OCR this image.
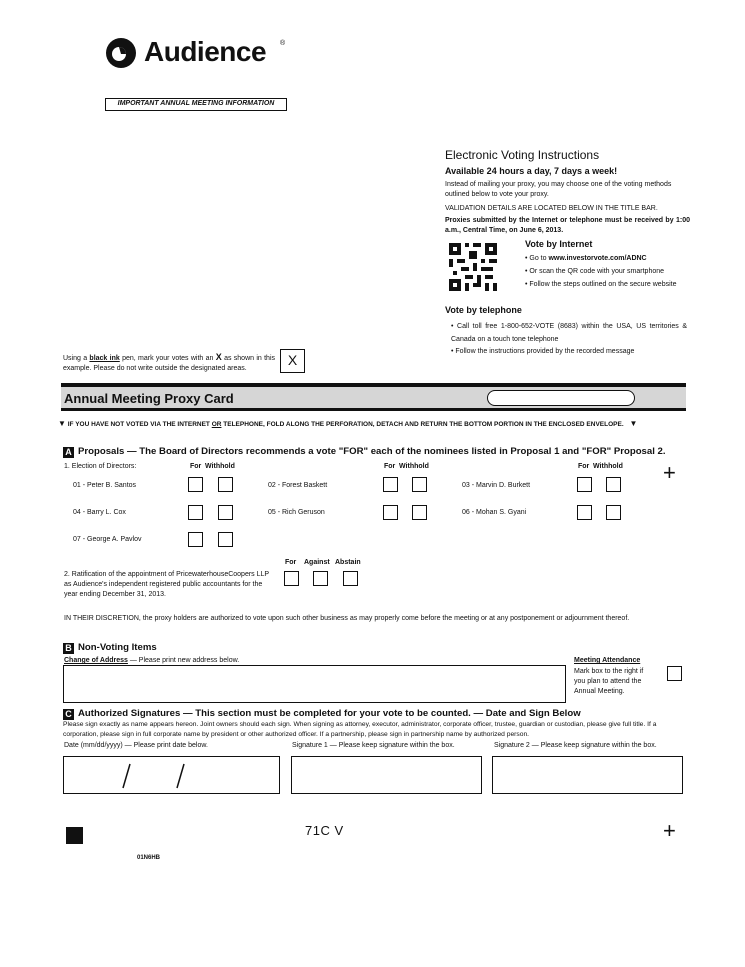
Audience ®
IMPORTANT ANNUAL MEETING INFORMATION
Electronic Voting Instructions
Available 24 hours a day, 7 days a week!
Instead of mailing your proxy, you may choose one of the voting methods outlined below to vote your proxy.
VALIDATION DETAILS ARE LOCATED BELOW IN THE TITLE BAR.
Proxies submitted by the Internet or telephone must be received by 1:00 a.m., Central Time, on June 6, 2013.
Vote by Internet
• Go to www.investorvote.com/ADNC
• Or scan the QR code with your smartphone
• Follow the steps outlined on the secure website
Vote by telephone
• Call toll free 1-800-652-VOTE (8683) within the USA, US territories & Canada on a touch tone telephone
• Follow the instructions provided by the recorded message
Using a black ink pen, mark your votes with an X as shown in this example. Please do not write outside the designated areas.
X
Annual Meeting Proxy Card
▼ IF YOU HAVE NOT VOTED VIA THE INTERNET OR TELEPHONE, FOLD ALONG THE PERFORATION, DETACH AND RETURN THE BOTTOM PORTION IN THE ENCLOSED ENVELOPE. ▼
A Proposals — The Board of Directors recommends a vote "FOR" each of the nominees listed in Proposal 1 and "FOR" Proposal 2.
1. Election of Directors:	For Withhold	For Withhold	For Withhold +
01 - Peter B. Santos	02 - Forest Baskett	03 - Marvin D. Burkett
04 - Barry L. Cox	05 - Rich Geruson	06 - Mohan S. Gyani
07 - George A. Pavlov
For Against Abstain
2. Ratification of the appointment of PricewaterhouseCoopers LLP as Audience's independent registered public accountants for the year ending December 31, 2013.
IN THEIR DISCRETION, the proxy holders are authorized to vote upon such other business as may properly come before the meeting or at any postponement or adjournment thereof.
B Non-Voting Items
Change of Address — Please print new address below.	Meeting Attendance
Mark box to the right if you plan to attend the Annual Meeting.
C Authorized Signatures — This section must be completed for your vote to be counted. — Date and Sign Below
Please sign exactly as name appears hereon. Joint owners should each sign. When signing as attorney, executor, administrator, corporate officer, trustee, guardian or custodian, please give full title. If a corporation, please sign in full corporate name by president or other authorized officer. If a partnership, please sign in partnership name by authorized person.
Date (mm/dd/yyyy) — Please print date below.	Signature 1 — Please keep signature within the box.	Signature 2 — Please keep signature within the box.
71C V	+
01N6HB
